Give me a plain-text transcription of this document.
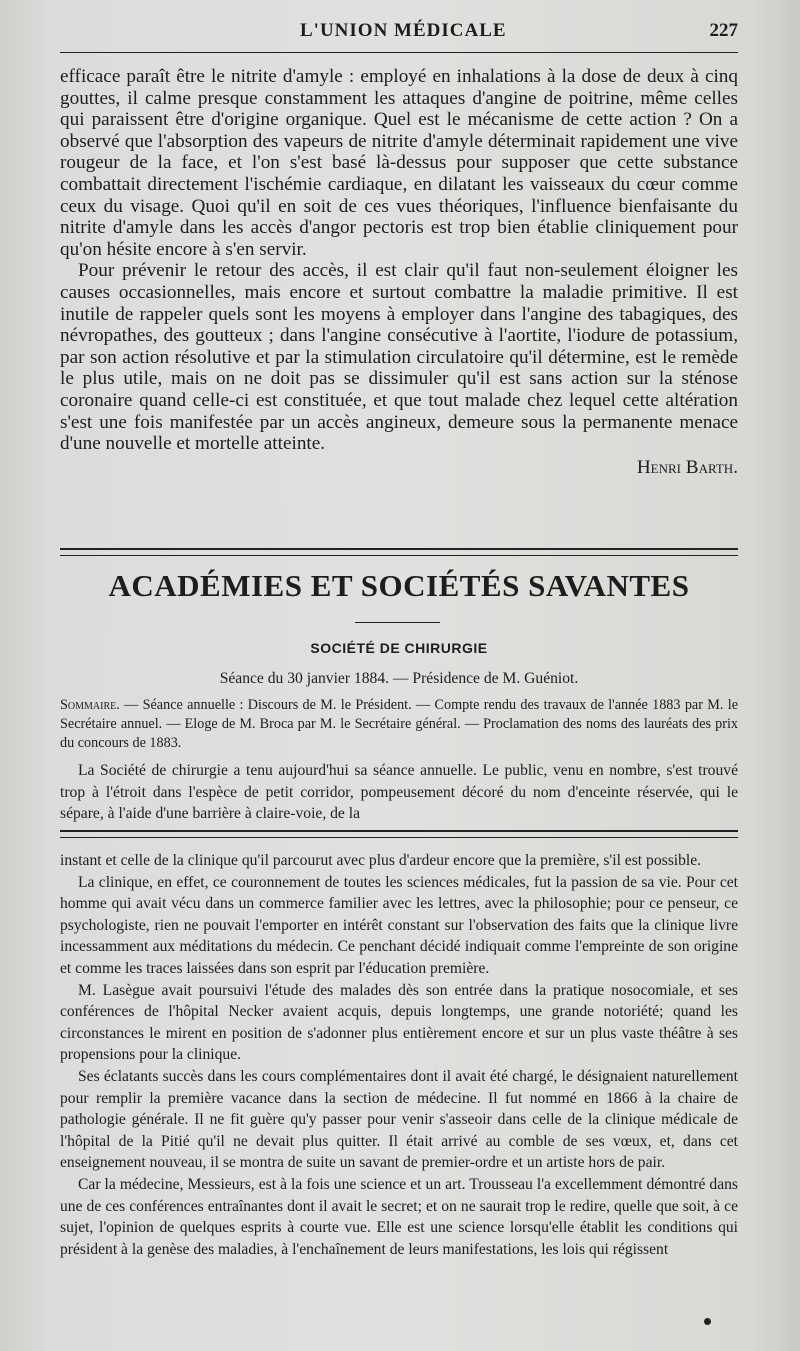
L'UNION MÉDICALE	227

efficace paraît être le nitrite d'amyle : employé en inhalations à la dose de deux à cinq gouttes, il calme presque constamment les attaques d'angine de poitrine, même celles qui paraissent être d'origine organique. Quel est le mécanisme de cette action ? On a observé que l'absorption des vapeurs de nitrite d'amyle déterminait rapidement une vive rougeur de la face, et l'on s'est basé là-dessus pour supposer que cette substance combattait directement l'ischémie cardiaque, en dilatant les vaisseaux du cœur comme ceux du visage. Quoi qu'il en soit de ces vues théoriques, l'influence bienfaisante du nitrite d'amyle dans les accès d'angor pectoris est trop bien établie cliniquement pour qu'on hésite encore à s'en servir.

Pour prévenir le retour des accès, il est clair qu'il faut non-seulement éloigner les causes occasionnelles, mais encore et surtout combattre la maladie primitive. Il est inutile de rappeler quels sont les moyens à employer dans l'angine des tabagiques, des névropathes, des goutteux ; dans l'angine consécutive à l'aortite, l'iodure de potassium, par son action résolutive et par la stimulation circulatoire qu'il détermine, est le remède le plus utile, mais on ne doit pas se dissimuler qu'il est sans action sur la sténose coronaire quand celle-ci est constituée, et que tout malade chez lequel cette altération s'est une fois manifestée par un accès angineux, demeure sous la permanente menace d'une nouvelle et mortelle atteinte.

Henri Barth.

ACADÉMIES ET SOCIÉTÉS SAVANTES
SOCIÉTÉ DE CHIRURGIE
Séance du 30 janvier 1884. — Présidence de M. Guéniot.

Sommaire. — Séance annuelle : Discours de M. le Président. — Compte rendu des travaux de l'année 1883 par M. le Secrétaire annuel. — Eloge de M. Broca par M. le Secrétaire général. — Proclamation des noms des lauréats des prix du concours de 1883.

La Société de chirurgie a tenu aujourd'hui sa séance annuelle. Le public, venu en nombre, s'est trouvé trop à l'étroit dans l'espèce de petit corridor, pompeusement décoré du nom d'enceinte réservée, qui le sépare, à l'aide d'une barrière à claire-voie, de la

instant et celle de la clinique qu'il parcourut avec plus d'ardeur encore que la première, s'il est possible.

La clinique, en effet, ce couronnement de toutes les sciences médicales, fut la passion de sa vie. Pour cet homme qui avait vécu dans un commerce familier avec les lettres, avec la philosophie; pour ce penseur, ce psychologiste, rien ne pouvait l'emporter en intérêt constant sur l'observation des faits que la clinique livre incessamment aux méditations du médecin. Ce penchant décidé indiquait comme l'empreinte de son origine et comme les traces laissées dans son esprit par l'éducation première.

M. Lasègue avait poursuivi l'étude des malades dès son entrée dans la pratique nosocomiale, et ses conférences de l'hôpital Necker avaient acquis, depuis longtemps, une grande notoriété; quand les circonstances le mirent en position de s'adonner plus entièrement encore et sur un plus vaste théâtre à ses propensions pour la clinique.

Ses éclatants succès dans les cours complémentaires dont il avait été chargé, le désignaient naturellement pour remplir la première vacance dans la section de médecine. Il fut nommé en 1866 à la chaire de pathologie générale. Il ne fit guère qu'y passer pour venir s'asseoir dans celle de la clinique médicale de l'hôpital de la Pitié qu'il ne devait plus quitter. Il était arrivé au comble de ses vœux, et, dans cet enseignement nouveau, il se montra de suite un savant de premier-ordre et un artiste hors de pair.

Car la médecine, Messieurs, est à la fois une science et un art. Trousseau l'a excellemment démontré dans une de ces conférences entraînantes dont il avait le secret; et on ne saurait trop le redire, quelle que soit, à ce sujet, l'opinion de quelques esprits à courte vue. Elle est une science lorsqu'elle établit les conditions qui président à la genèse des maladies, à l'enchaînement de leurs manifestations, les lois qui régissent
